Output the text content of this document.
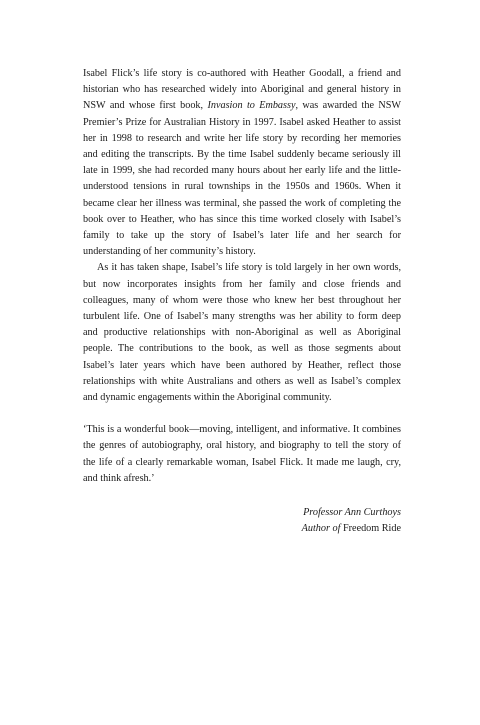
Isabel Flick’s life story is co-authored with Heather Goodall, a friend and historian who has researched widely into Aboriginal and general history in NSW and whose first book, Invasion to Embassy, was awarded the NSW Premier’s Prize for Australian History in 1997. Isabel asked Heather to assist her in 1998 to research and write her life story by recording her memories and editing the transcripts. By the time Isabel suddenly became seriously ill late in 1999, she had recorded many hours about her early life and the little-understood tensions in rural townships in the 1950s and 1960s. When it became clear her illness was terminal, she passed the work of completing the book over to Heather, who has since this time worked closely with Isabel’s family to take up the story of Isabel’s later life and her search for understanding of her community’s history.

As it has taken shape, Isabel’s life story is told largely in her own words, but now incorporates insights from her family and close friends and colleagues, many of whom were those who knew her best throughout her turbulent life. One of Isabel’s many strengths was her ability to form deep and productive relationships with non-Aboriginal as well as Aboriginal people. The contributions to the book, as well as those segments about Isabel’s later years which have been authored by Heather, reflect those relationships with white Australians and others as well as Isabel’s complex and dynamic engagements within the Aboriginal community.

‘This is a wonderful book—moving, intelligent, and informative. It combines the genres of autobiography, oral history, and biography to tell the story of the life of a clearly remarkable woman, Isabel Flick. It made me laugh, cry, and think afresh.’

Professor Ann Curthoys
Author of Freedom Ride
